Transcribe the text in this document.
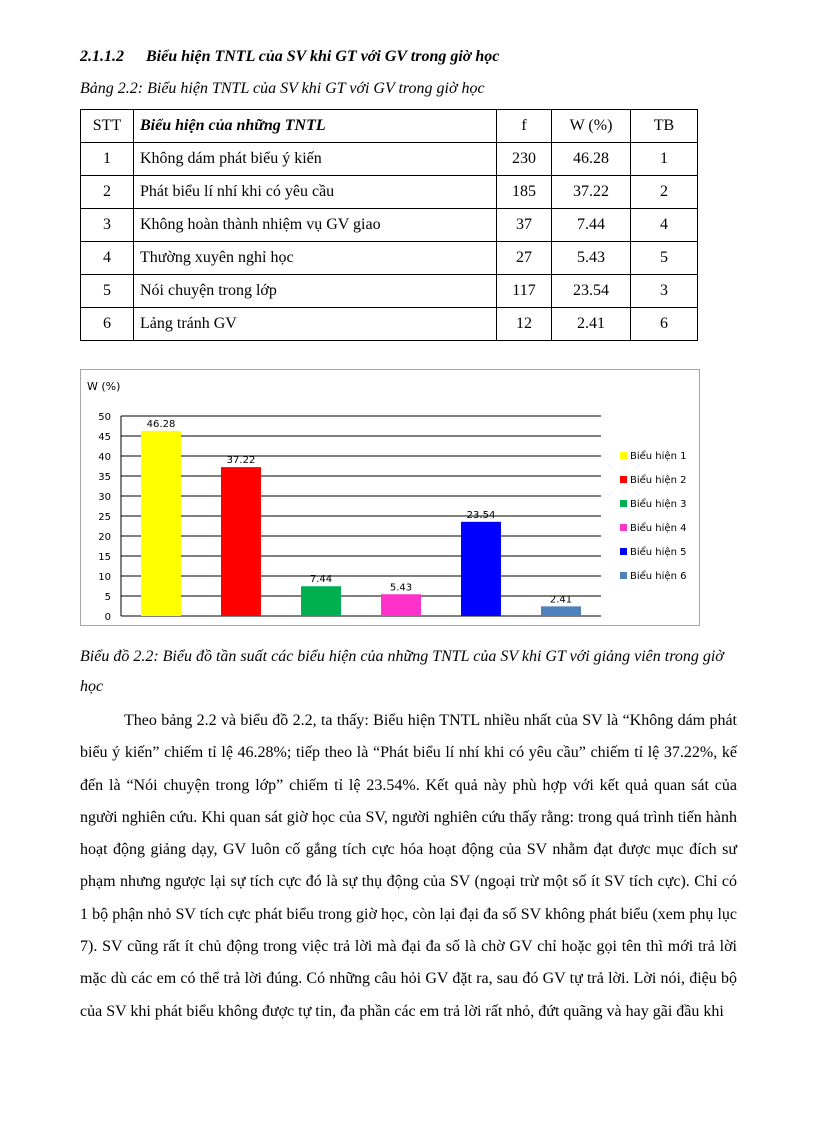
2.1.1.2 Biểu hiện TNTL của SV khi GT với GV trong giờ học
Bảng 2.2: Biểu hiện TNTL của SV khi GT với GV trong giờ học
STT	Biểu hiện của những TNTL	f	W (%)	TB
1	Không dám phát biểu ý kiến	230	46.28	1
2	Phát biểu lí nhí khi có yêu cầu	185	37.22	2
3	Không hoàn thành nhiệm vụ GV giao	37	7.44	4
4	Thường xuyên nghỉ học	27	5.43	5
5	Nói chuyện trong lớp	117	23.54	3
6	Lảng tránh GV	12	2.41	6
W (%)
0
5
10
15
20
25
30
35
40
45
50
46.28
37.22
7.44
5.43
23.54
2.41
Biểu hiện 1
Biểu hiện 2
Biểu hiện 3
Biểu hiện 4
Biểu hiện 5
Biểu hiện 6
Biểu đồ 2.2: Biểu đồ tần suất các biểu hiện của những TNTL của SV khi GT với giảng viên trong giờ học

Theo bảng 2.2 và biểu đồ 2.2, ta thấy: Biểu hiện TNTL nhiều nhất của SV là “Không dám phát biểu ý kiến” chiếm tỉ lệ 46.28%; tiếp theo là “Phát biểu lí nhí khi có yêu cầu” chiếm tỉ lệ 37.22%, kế đến là “Nói chuyện trong lớp” chiếm tỉ lệ 23.54%. Kết quả này phù hợp với kết quả quan sát của người nghiên cứu. Khi quan sát giờ học của SV, người nghiên cứu thấy rằng: trong quá trình tiến hành hoạt động giảng dạy, GV luôn cố gắng tích cực hóa hoạt động của SV nhằm đạt được mục đích sư phạm nhưng ngược lại sự tích cực đó là sự thụ động của SV (ngoại trừ một số ít SV tích cực). Chỉ có 1 bộ phận nhỏ SV tích cực phát biểu trong giờ học, còn lại đại đa số SV không phát biểu (xem phụ lục 7). SV cũng rất ít chủ động trong việc trả lời mà đại đa số là chờ GV chỉ hoặc gọi tên thì mới trả lời mặc dù các em có thể trả lời đúng. Có những câu hỏi GV đặt ra, sau đó GV tự trả lời. Lời nói, điệu bộ của SV khi phát biểu không được tự tin, đa phần các em trả lời rất nhỏ, đứt quãng và hay gãi đầu khi
